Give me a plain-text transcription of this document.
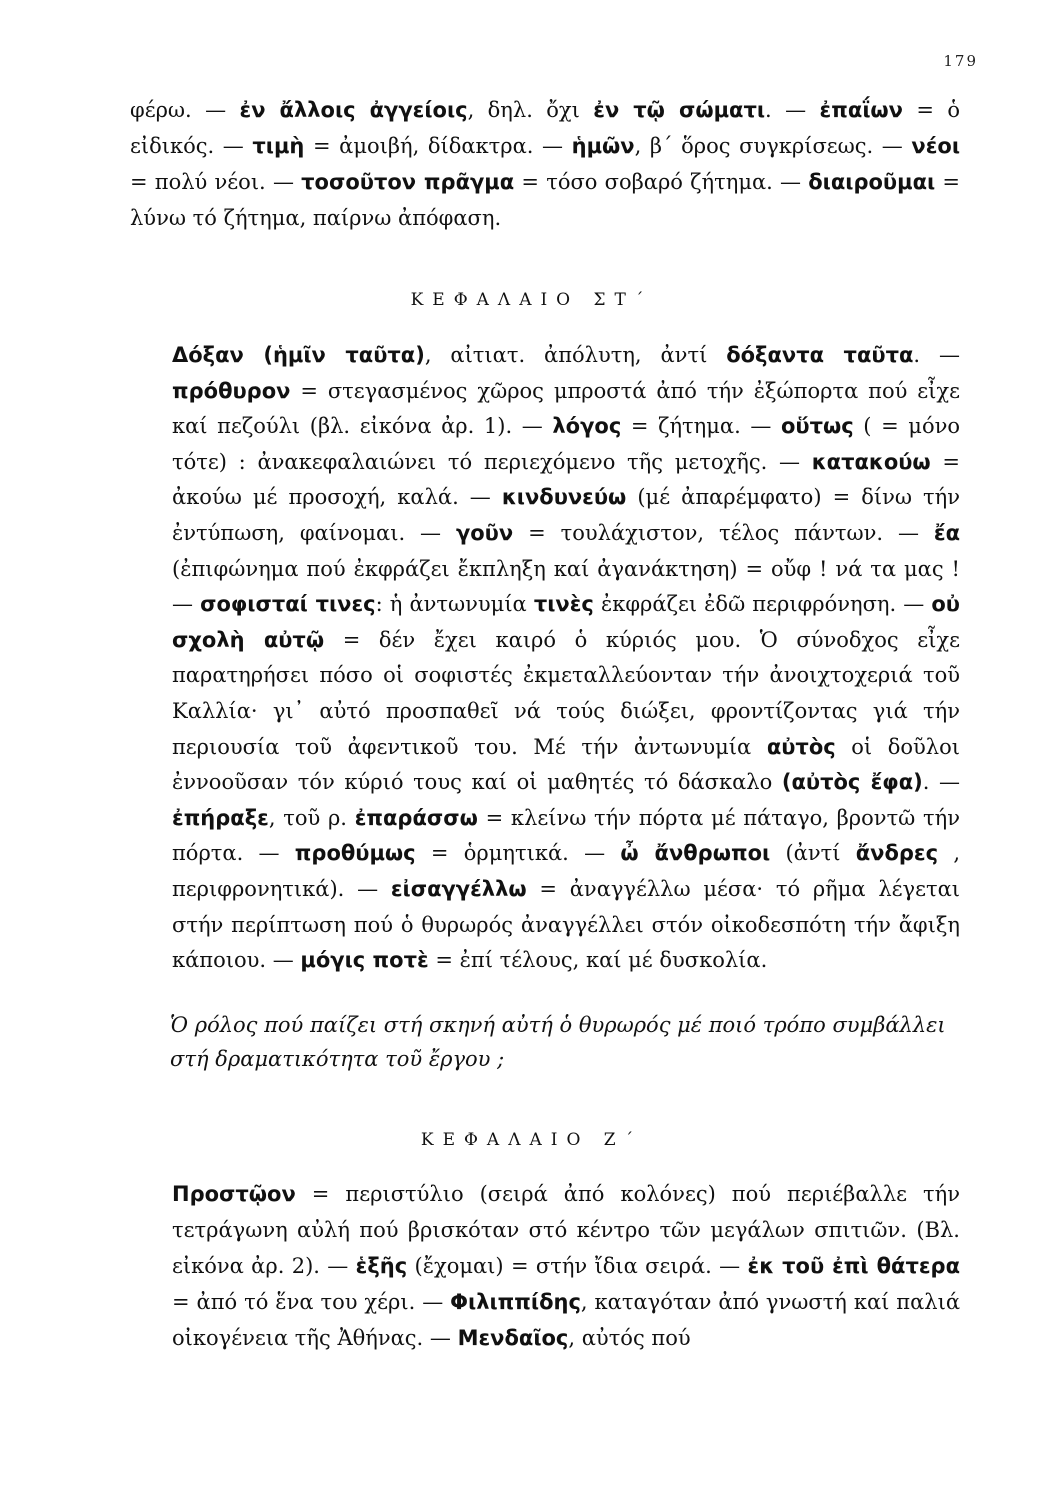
179

φέρω. — ἐν ἄλλοις ἀγγείοις, δηλ. ὄχι ἐν τῷ σώματι. — ἐπαΐων = ὁ εἰδικός. — τιμὴ = ἀμοιβή, δίδακτρα. — ἡμῶν, β΄ ὅρος συγκρίσεως. — νέοι = πολύ νέοι. — τοσοῦτον πρᾶγμα = τόσο σοβαρό ζήτημα. — διαιροῦμαι = λύνω τό ζήτημα, παίρνω ἀπόφαση.

ΚΕΦΑΛΑΙΟ ΣΤ΄

Δόξαν (ἡμῖν ταῦτα), αἰτιατ. ἀπόλυτη, ἀντί δόξαντα ταῦτα. — πρόθυρον = στεγασμένος χῶρος μπροστά ἀπό τήν ἐξώπορτα πού εἶχε καί πεζούλι (βλ. εἰκόνα ἀρ. 1). — λόγος = ζήτημα. — οὕτως ( = μόνο τότε) : ἀνακεφαλαιώνει τό περιεχόμενο τῆς μετοχῆς. — κατακούω = ἀκούω μέ προσοχή, καλά. — κινδυνεύω (μέ ἀπαρέμφατο) = δίνω τήν ἐντύπωση, φαίνομαι. — γοῦν = τουλάχιστον, τέλος πάντων. — ἔα (ἐπιφώνημα πού ἐκφράζει ἔκπληξη καί ἀγανάκτηση) = οὔφ ! νά τα μας ! — σοφισταί τινες: ἡ ἀντωνυμία τινὲς ἐκφράζει ἐδῶ περιφρόνηση. — οὐ σχολὴ αὐτῷ = δέν ἔχει καιρό ὁ κύριός μου. Ὁ σύνοδχος εἶχε παρατηρήσει πόσο οἱ σοφιστές ἐκμεταλλεύονταν τήν ἀνοιχτοχεριά τοῦ Καλλία· γι᾽ αὐτό προσπαθεῖ νά τούς διώξει, φροντίζοντας γιά τήν περιουσία τοῦ ἀφεντικοῦ του. Μέ τήν ἀντωνυμία αὐτὸς οἱ δοῦλοι ἐννοοῦσαν τόν κύριό τους καί οἱ μαθητές τό δάσκαλο (αὐτὸς ἔφα). — ἐπήραξε, τοῦ ρ. ἐπαράσσω = κλείνω τήν πόρτα μέ πάταγο, βροντῶ τήν πόρτα. — προθύμως = ὁρμητικά. — ὦ ἄνθρωποι (ἀντί ἄνδρες , περιφρονητικά). — εἰσαγγέλλω = ἀναγγέλλω μέσα· τό ρῆμα λέγεται στήν περίπτωση πού ὁ θυρωρός ἀναγγέλλει στόν οἰκοδεσπότη τήν ἄφιξη κάποιου. — μόγις ποτὲ = ἐπί τέλους, καί μέ δυσκολία.

Ὁ ρόλος πού παίζει στή σκηνή αὐτή ὁ θυρωρός μέ ποιό τρόπο συμβάλλει στή δραματικότητα τοῦ ἔργου ;
ΚΕΦΑΛΑΙΟ Ζ΄

Προστῷον = περιστύλιο (σειρά ἀπό κολόνες) πού περιέβαλλε τήν τετράγωνη αὐλή πού βρισκόταν στό κέντρο τῶν μεγάλων σπιτιῶν. (Βλ. εἰκόνα ἀρ. 2). — ἑξῆς (ἔχομαι) = στήν ἴδια σειρά. — ἐκ τοῦ ἐπὶ θάτερα = ἀπό τό ἕνα του χέρι. — Φιλιππίδης, καταγόταν ἀπό γνωστή καί παλιά οἰκογένεια τῆς Ἀθήνας. — Μενδαῖος, αὐτός πού
